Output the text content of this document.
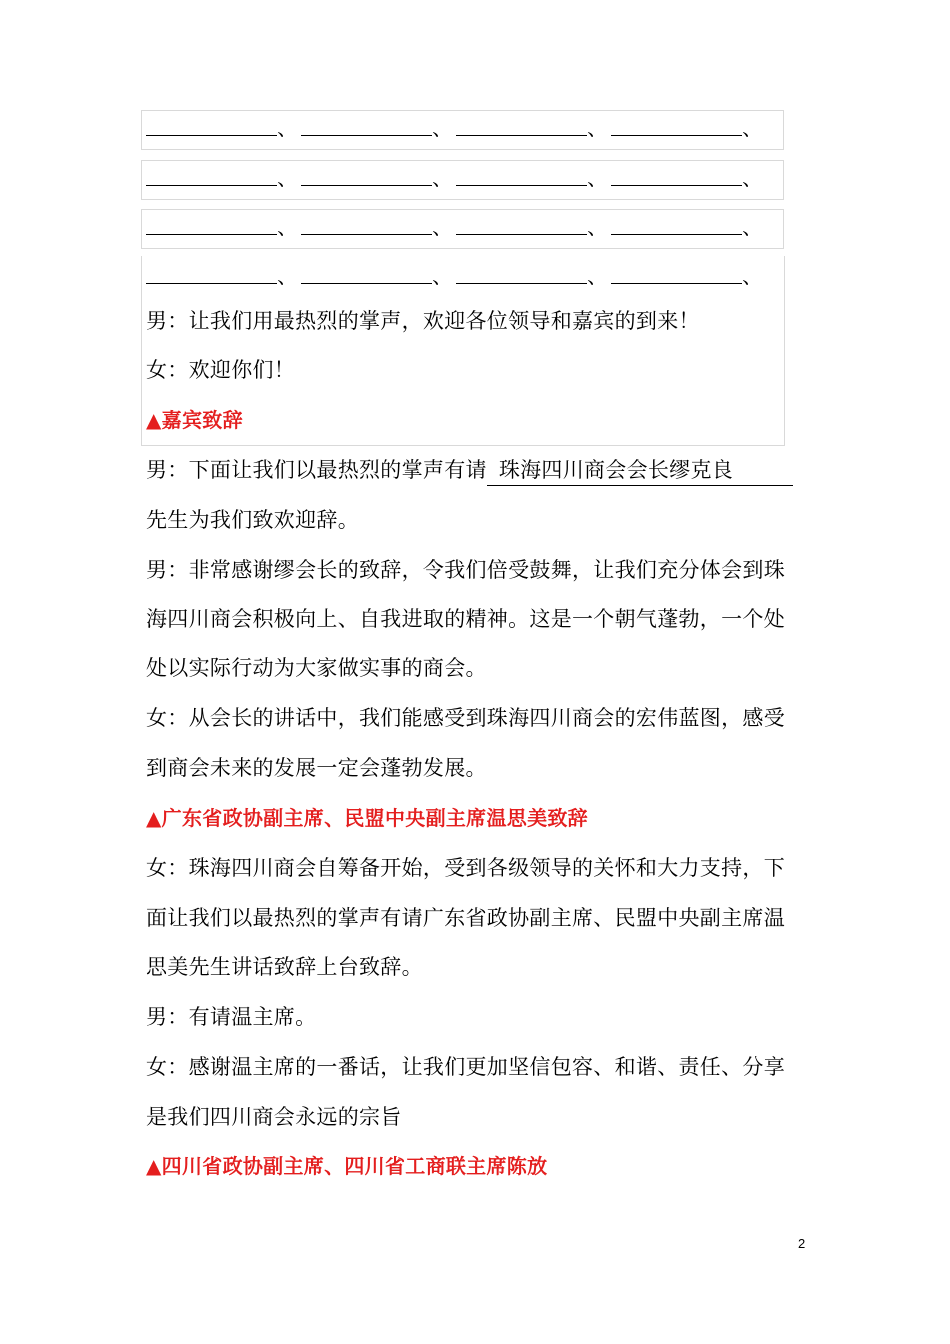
、	、	、	、
、	、	、	、
、	、	、	、
、	、	、	、
男：让我们用最热烈的掌声，欢迎各位领导和嘉宾的到来！
女：欢迎你们！
▲嘉宾致辞
男：下面让我们以最热烈的掌声有请 珠海四川商会会长缪克良
先生为我们致欢迎辞。
男：非常感谢缪会长的致辞，令我们倍受鼓舞，让我们充分体会到珠
海四川商会积极向上、自我进取的精神。这是一个朝气蓬勃，一个处
处以实际行动为大家做实事的商会。
女：从会长的讲话中，我们能感受到珠海四川商会的宏伟蓝图，感受
到商会未来的发展一定会蓬勃发展。
▲广东省政协副主席、民盟中央副主席温思美致辞
女：珠海四川商会自筹备开始，受到各级领导的关怀和大力支持，下
面让我们以最热烈的掌声有请广东省政协副主席、民盟中央副主席温
思美先生讲话致辞上台致辞。
男：有请温主席。
女：感谢温主席的一番话，让我们更加坚信包容、和谐、责任、分享
是我们四川商会永远的宗旨
▲四川省政协副主席、四川省工商联主席陈放
2
